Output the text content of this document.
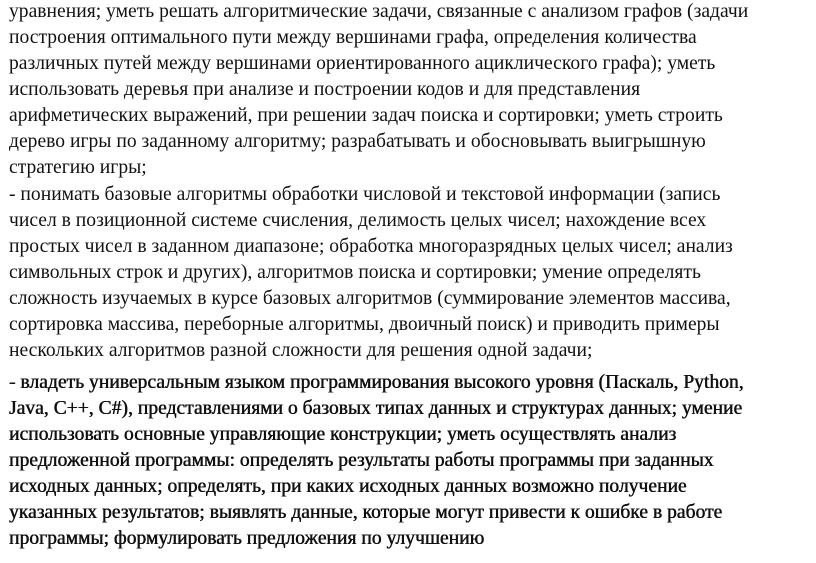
уравнения; уметь решать алгоритмические задачи, связанные с анализом графов (задачи
построения оптимального пути между вершинами графа, определения количества
различных путей между вершинами ориентированного ациклического графа); уметь
использовать деревья при анализе и построении кодов и для представления
арифметических выражений, при решении задач поиска и сортировки; уметь строить
дерево игры по заданному алгоритму; разрабатывать и обосновывать выигрышную
стратегию игры;
- понимать базовые алгоритмы обработки числовой и текстовой информации (запись
чисел в позиционной системе счисления, делимость целых чисел; нахождение всех
простых чисел в заданном диапазоне; обработка многоразрядных целых чисел; анализ
символьных строк и других), алгоритмов поиска и сортировки; умение определять
сложность изучаемых в курсе базовых алгоритмов (суммирование элементов массива,
сортировка массива, переборные алгоритмы, двоичный поиск) и приводить примеры
нескольких алгоритмов разной сложности для решения одной задачи;
- владеть универсальным языком программирования высокого уровня (Паскаль, Python,
Java, C++, C#), представлениями о базовых типах данных и структурах данных; умение
использовать основные управляющие конструкции; уметь осуществлять анализ
предложенной программы: определять результаты работы программы при заданных
исходных данных; определять, при каких исходных данных возможно получение
указанных результатов; выявлять данные, которые могут привести к ошибке в работе
программы; формулировать предложения по улучшению
